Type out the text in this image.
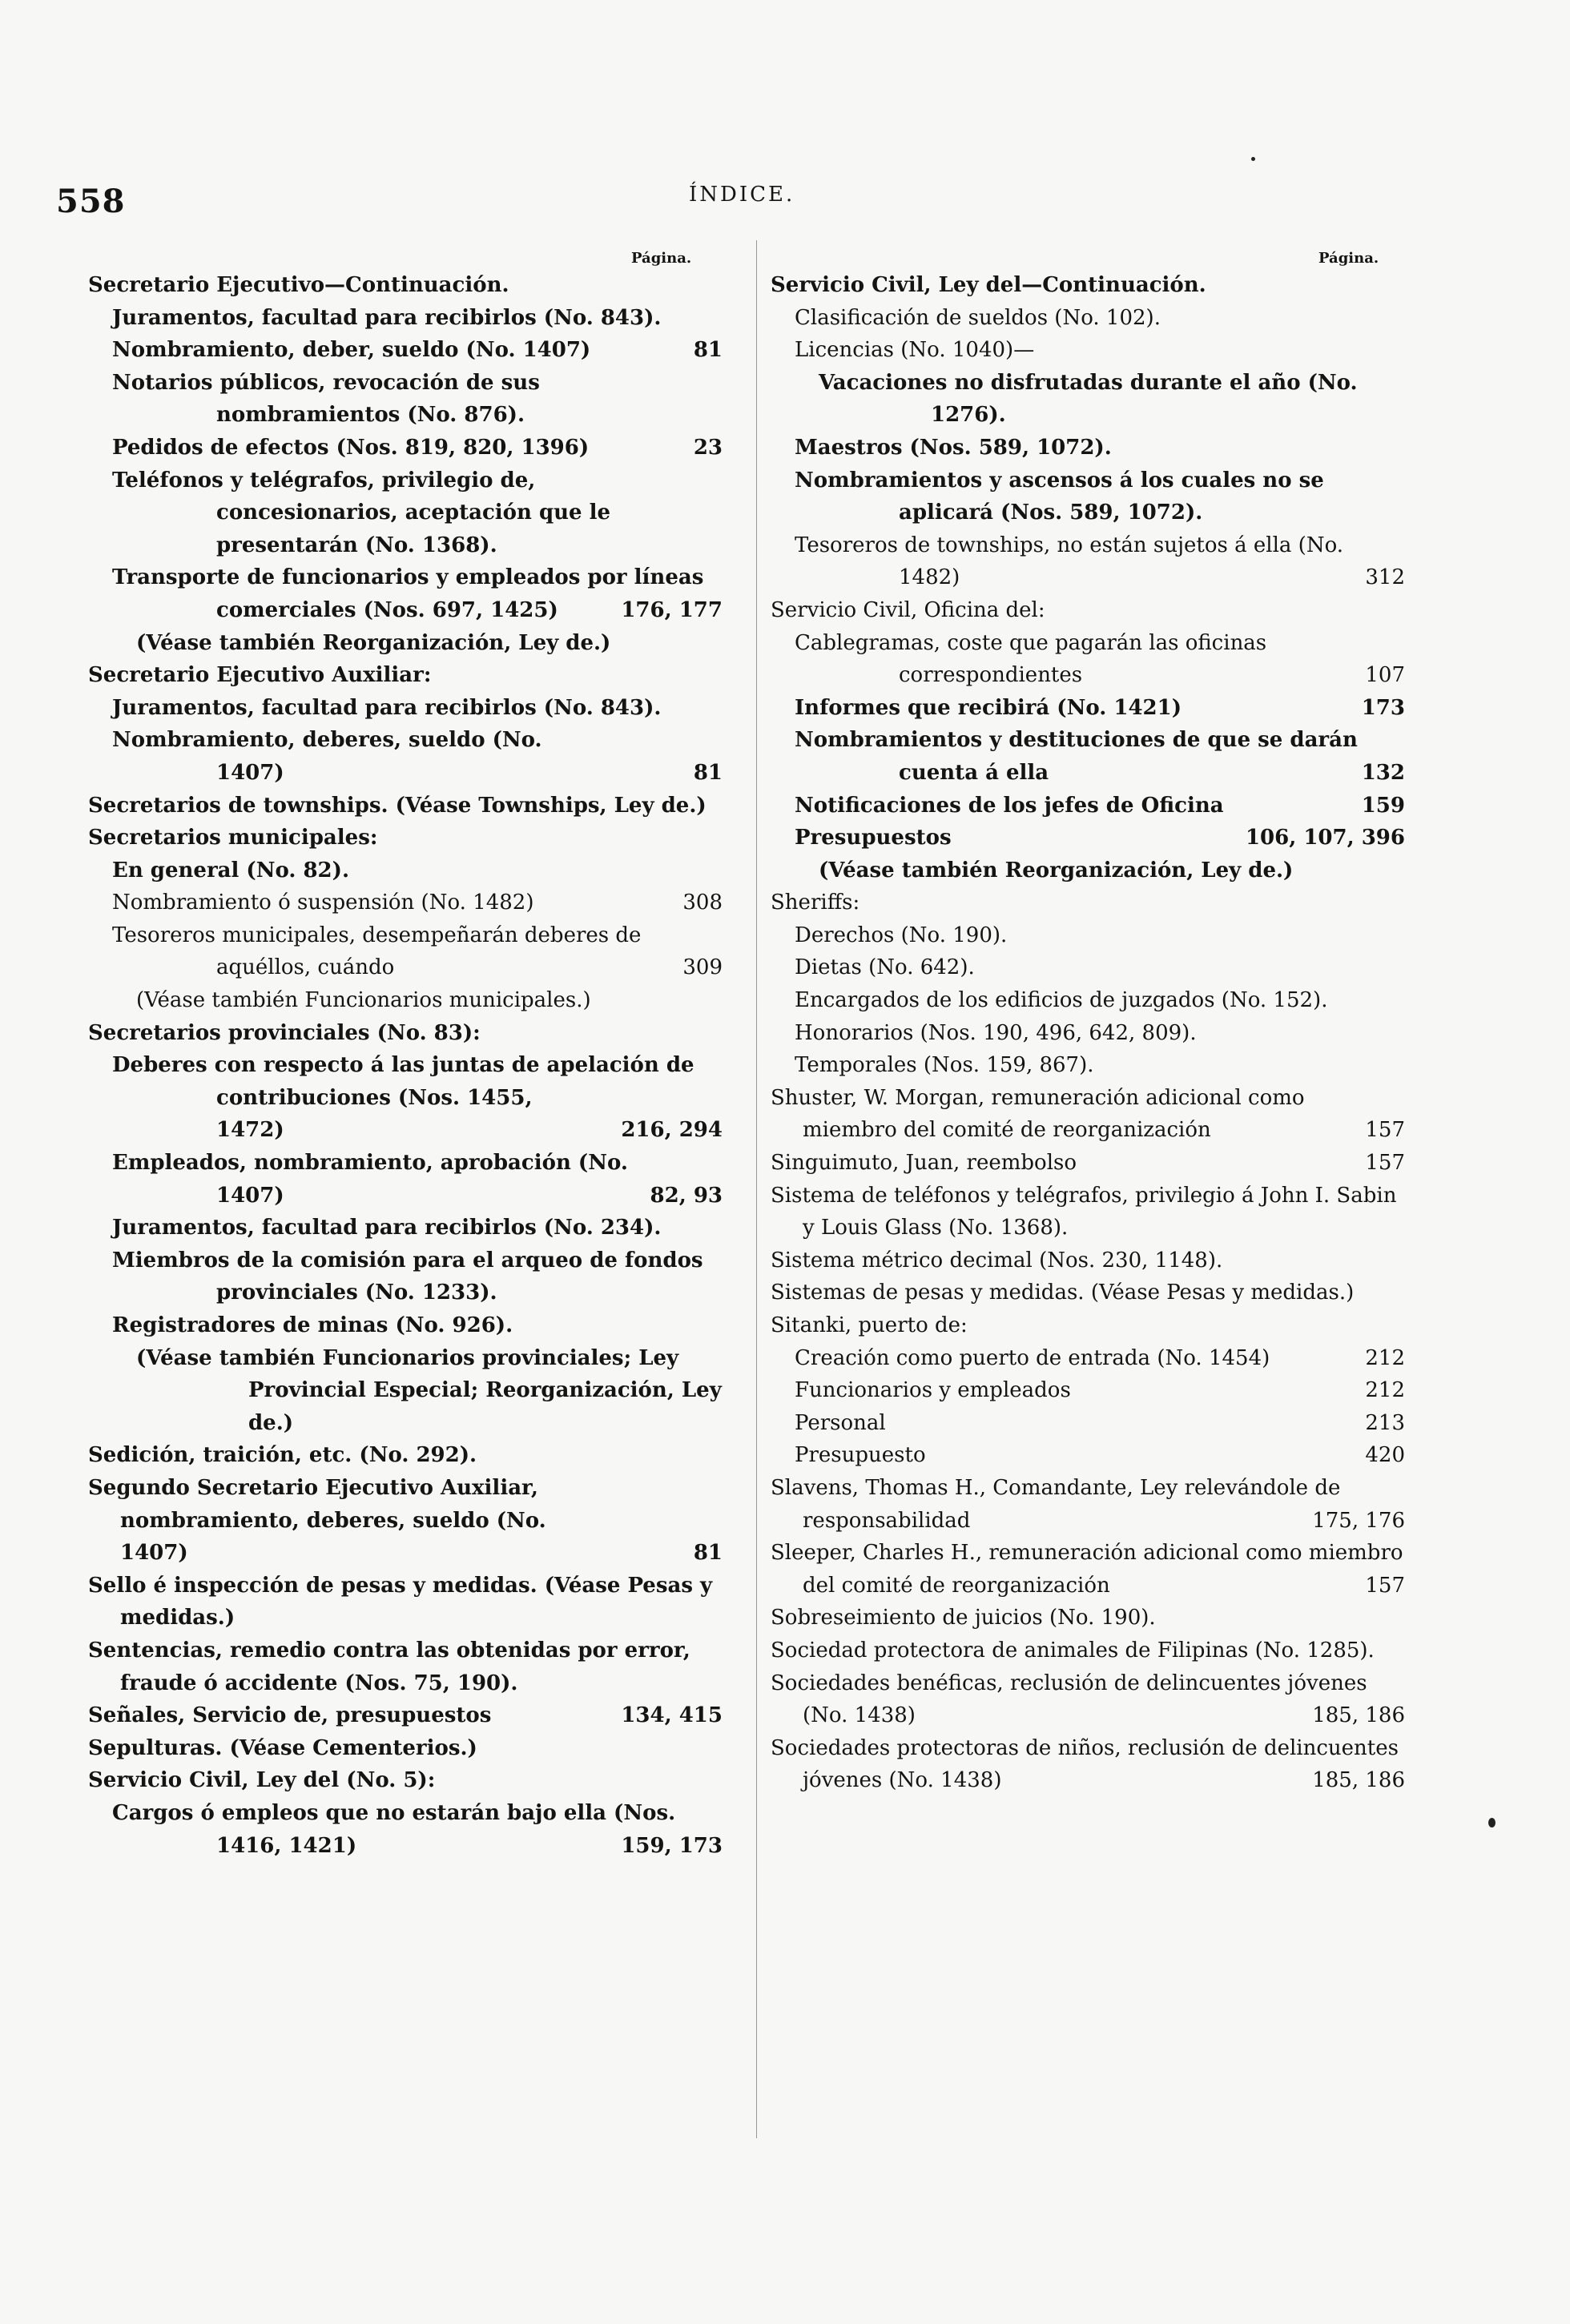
558	ÍNDICE.
Página.	Página.
Secretario Ejecutivo—Continuación.
Juramentos, facultad para recibirlos (No. 843).
Nombramiento, deber, sueldo (No. 1407)	81
Notarios públicos, revocación de sus nombramientos (No. 876).
Pedidos de efectos (Nos. 819, 820, 1396)	23
Teléfonos y telégrafos, privilegio de, concesionarios, aceptación que le presentarán (No. 1368).
Transporte de funcionarios y empleados por líneas comerciales (Nos. 697, 1425)	176, 177
(Véase también Reorganización, Ley de.)
Secretario Ejecutivo Auxiliar:
Juramentos, facultad para recibirlos (No. 843).
Nombramiento, deberes, sueldo (No. 1407)	81
Secretarios de townships. (Véase Townships, Ley de.)
Secretarios municipales:
En general (No. 82).
Nombramiento ó suspensión (No. 1482)	308
Tesoreros municipales, desempeñarán deberes de aquéllos, cuándo	309
(Véase también Funcionarios municipales.)
Secretarios provinciales (No. 83):
Deberes con respecto á las juntas de apelación de contribuciones (Nos. 1455, 1472)	216, 294
Empleados, nombramiento, aprobación (No. 1407)	82, 93
Juramentos, facultad para recibirlos (No. 234).
Miembros de la comisión para el arqueo de fondos provinciales (No. 1233).
Registradores de minas (No. 926).
(Véase también Funcionarios provinciales; Ley Provincial Especial; Reorganización, Ley de.)
Sedición, traición, etc. (No. 292).
Segundo Secretario Ejecutivo Auxiliar, nombramiento, deberes, sueldo (No. 1407)	81
Sello é inspección de pesas y medidas. (Véase Pesas y medidas.)
Sentencias, remedio contra las obtenidas por error, fraude ó accidente (Nos. 75, 190).
Señales, Servicio de, presupuestos	134, 415
Sepulturas. (Véase Cementerios.)
Servicio Civil, Ley del (No. 5):
Cargos ó empleos que no estarán bajo ella (Nos. 1416, 1421)	159, 173
Servicio Civil, Ley del—Continuación.
Clasificación de sueldos (No. 102).
Licencias (No. 1040)—
Vacaciones no disfrutadas durante el año (No. 1276).
Maestros (Nos. 589, 1072).
Nombramientos y ascensos á los cuales no se aplicará (Nos. 589, 1072).
Tesoreros de townships, no están sujetos á ella (No. 1482)	312
Servicio Civil, Oficina del:
Cablegramas, coste que pagarán las oficinas correspondientes	107
Informes que recibirá (No. 1421)	173
Nombramientos y destituciones de que se darán cuenta á ella	132
Notificaciones de los jefes de Oficina	159
Presupuestos	106, 107, 396
(Véase también Reorganización, Ley de.)
Sheriffs:
Derechos (No. 190).
Dietas (No. 642).
Encargados de los edificios de juzgados (No. 152).
Honorarios (Nos. 190, 496, 642, 809).
Temporales (Nos. 159, 867).
Shuster, W. Morgan, remuneración adicional como miembro del comité de reorganización	157
Singuimuto, Juan, reembolso	157
Sistema de teléfonos y telégrafos, privilegio á John I. Sabin y Louis Glass (No. 1368).
Sistema métrico decimal (Nos. 230, 1148).
Sistemas de pesas y medidas. (Véase Pesas y medidas.)
Sitanki, puerto de:
Creación como puerto de entrada (No. 1454)	212
Funcionarios y empleados	212
Personal	213
Presupuesto	420
Slavens, Thomas H., Comandante, Ley relevándole de responsabilidad	175, 176
Sleeper, Charles H., remuneración adicional como miembro del comité de reorganización	157
Sobreseimiento de juicios (No. 190).
Sociedad protectora de animales de Filipinas (No. 1285).
Sociedades benéficas, reclusión de delincuentes jóvenes (No. 1438)	185, 186
Sociedades protectoras de niños, reclusión de delincuentes jóvenes (No. 1438)	185, 186
